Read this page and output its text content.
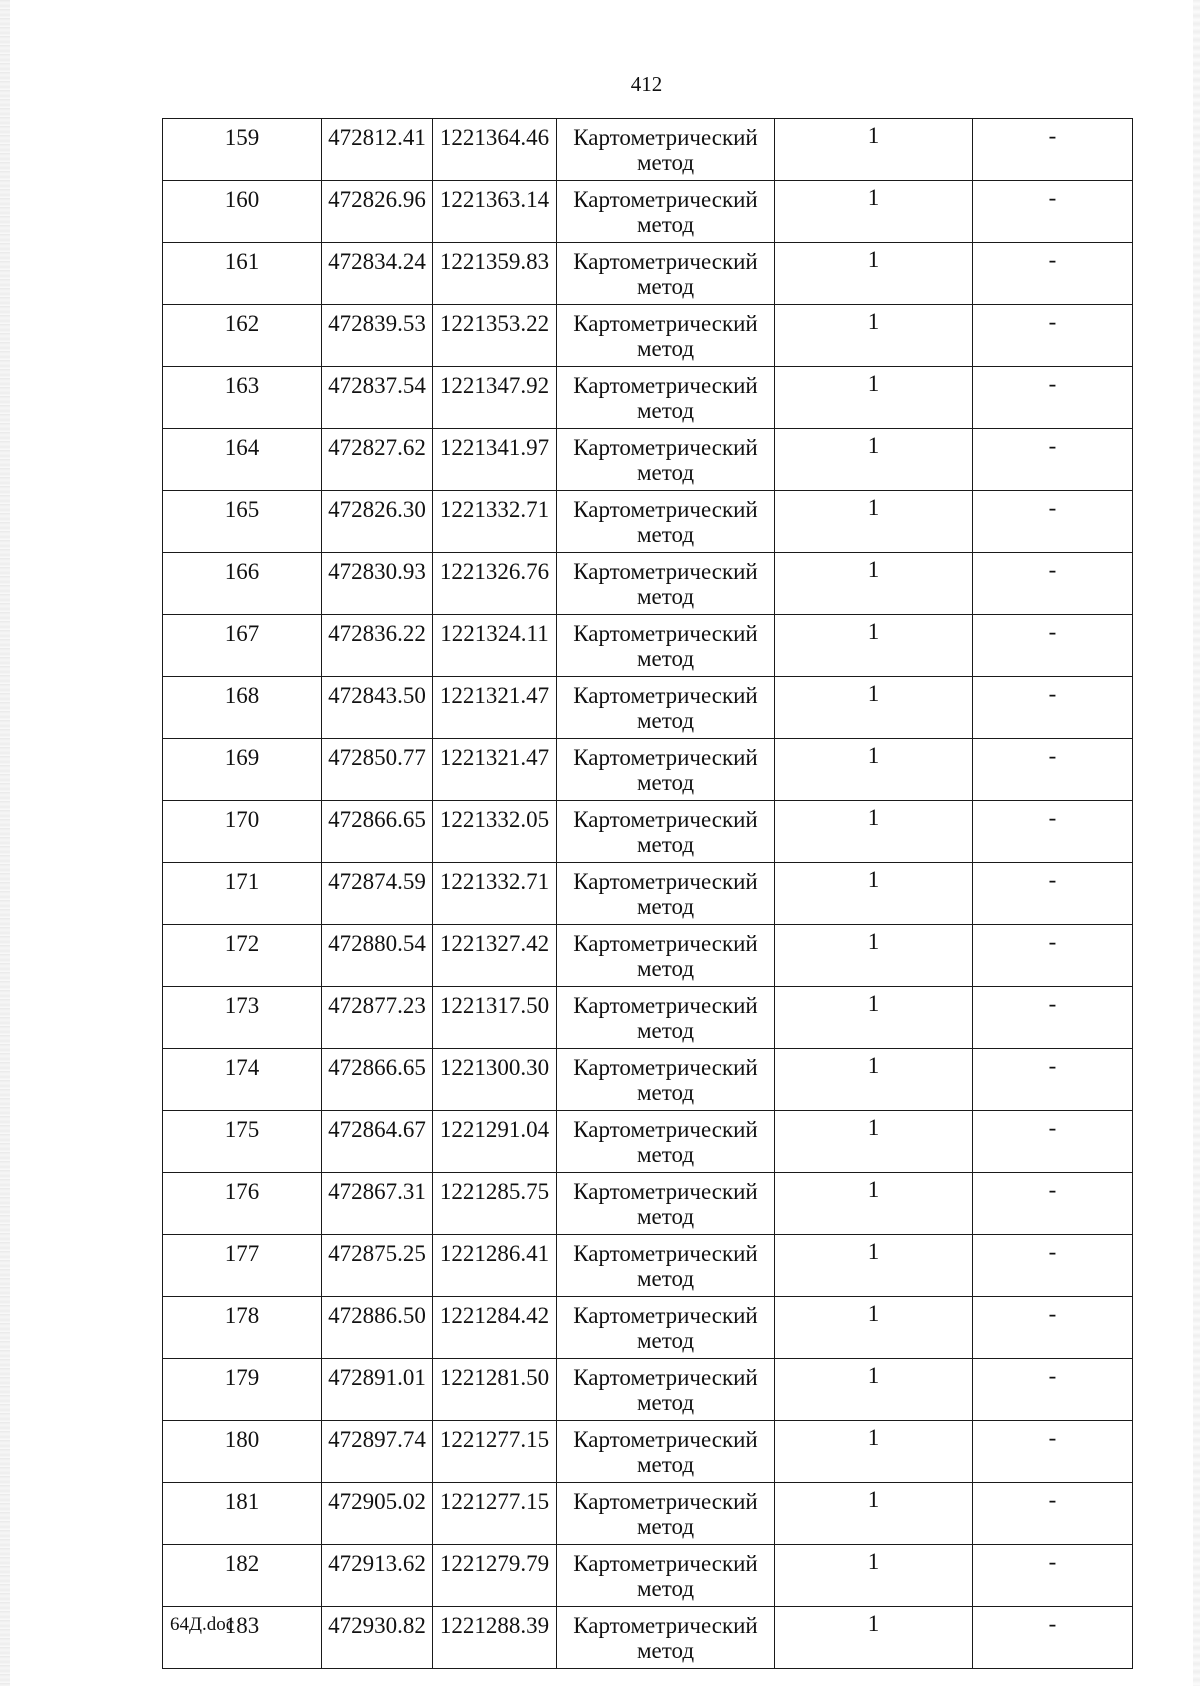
412
159	472812.41	1221364.46	Картометрический метод	1	-
160	472826.96	1221363.14	Картометрический метод	1	-
161	472834.24	1221359.83	Картометрический метод	1	-
162	472839.53	1221353.22	Картометрический метод	1	-
163	472837.54	1221347.92	Картометрический метод	1	-
164	472827.62	1221341.97	Картометрический метод	1	-
165	472826.30	1221332.71	Картометрический метод	1	-
166	472830.93	1221326.76	Картометрический метод	1	-
167	472836.22	1221324.11	Картометрический метод	1	-
168	472843.50	1221321.47	Картометрический метод	1	-
169	472850.77	1221321.47	Картометрический метод	1	-
170	472866.65	1221332.05	Картометрический метод	1	-
171	472874.59	1221332.71	Картометрический метод	1	-
172	472880.54	1221327.42	Картометрический метод	1	-
173	472877.23	1221317.50	Картометрический метод	1	-
174	472866.65	1221300.30	Картометрический метод	1	-
175	472864.67	1221291.04	Картометрический метод	1	-
176	472867.31	1221285.75	Картометрический метод	1	-
177	472875.25	1221286.41	Картометрический метод	1	-
178	472886.50	1221284.42	Картометрический метод	1	-
179	472891.01	1221281.50	Картометрический метод	1	-
180	472897.74	1221277.15	Картометрический метод	1	-
181	472905.02	1221277.15	Картометрический метод	1	-
182	472913.62	1221279.79	Картометрический метод	1	-
183	472930.82	1221288.39	Картометрический метод	1	-
64Д.doc
